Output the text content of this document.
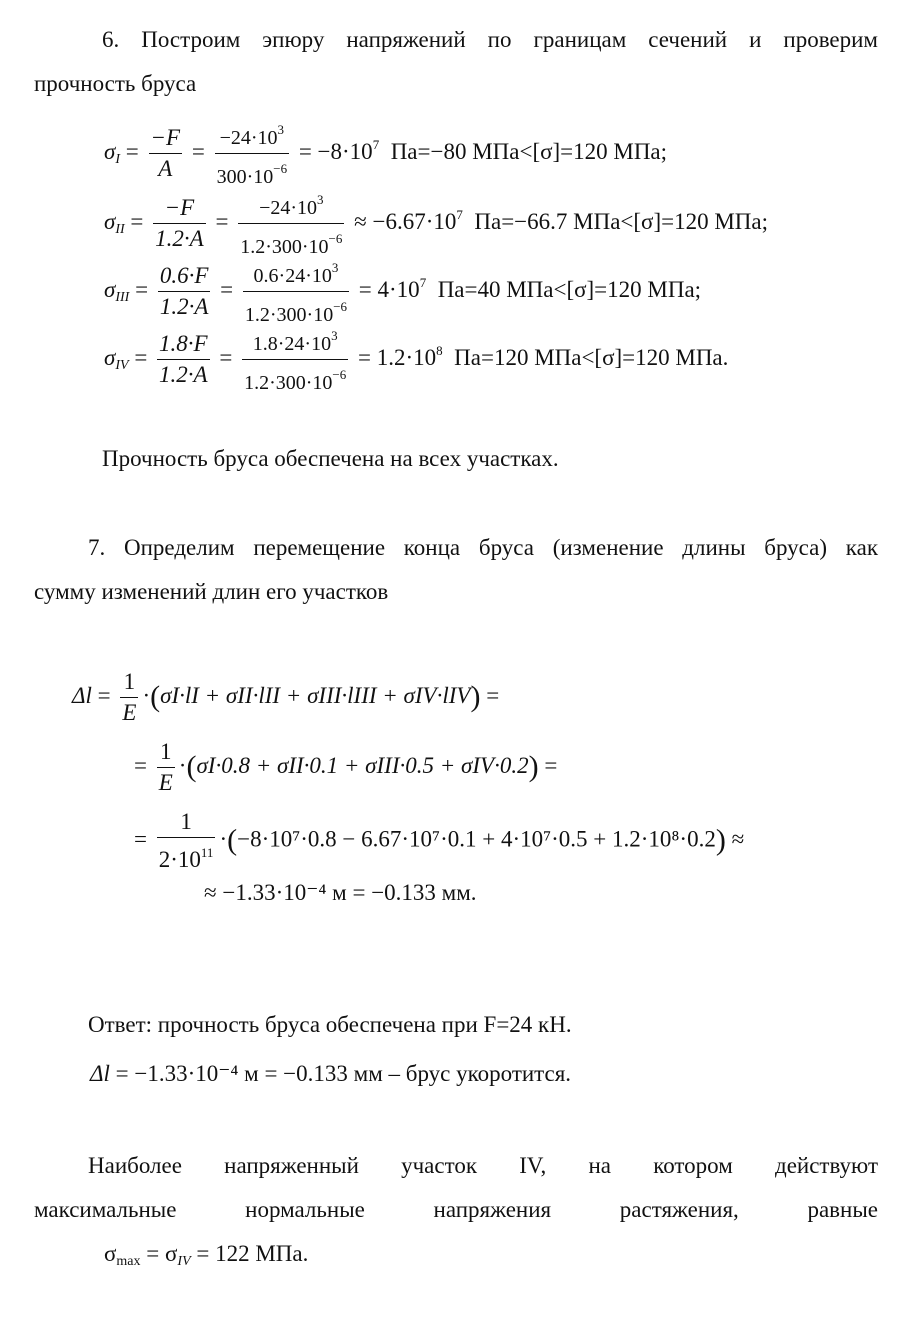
6. Построим эпюру напряжений по границам сечений и проверим
прочность бруса
$\sigma_I = \frac{-F}{A} = \frac{-24\cdot 10^3}{300\cdot 10^{-6}} = -8\cdot 10^7$ Па=−80 МПа<[σ]=120 МПа;
$\sigma_{II} = \frac{-F}{1.2\cdot A} = \frac{-24\cdot 10^3}{1.2\cdot 300\cdot 10^{-6}} \approx -6.67\cdot 10^7$ Па=−66.7 МПа<[σ]=120 МПа;
$\sigma_{III} = \frac{0.6\cdot F}{1.2\cdot A} = \frac{0.6\cdot 24\cdot 10^3}{1.2\cdot 300\cdot 10^{-6}} = 4\cdot 10^7$ Па=40 МПа<[σ]=120 МПа;
$\sigma_{IV} = \frac{1.8\cdot F}{1.2\cdot A} = \frac{1.8\cdot 24\cdot 10^3}{1.2\cdot 300\cdot 10^{-6}} = 1.2\cdot 10^8$ Па=120 МПа<[σ]=120 МПа.
Прочность бруса обеспечена на всех участках.
7. Определим перемещение конца бруса (изменение длины бруса) как
сумму изменений длин его участков
$\Delta l = \frac{1}{E} \cdot(\sigma I\cdot lI + \sigma II\cdot lII$ + σIII·lIII + σIV·lIV) =
= $\frac{1}{E} \cdot(\sigma I\cdot 0.8 + \sigma II\cdot 0.1 + \sigma III\cdot 0.5 + \sigma IV\cdot 0.2)$ =
= $\frac{1}{2\cdot 10^{11}} \cdot(-8\cdot 10^7\cdot 0.8 - 6.67\cdot 10^7\cdot 0.1 + 4\cdot 10^7\cdot 0.5 + 1.2\cdot 10^8\cdot 0.2)$ ≈
≈ −1.33·10⁻⁴ м = −0.133 мм.
Ответ: прочность бруса обеспечена при F=24 кН.
Δl = −1.33·10⁻⁴ м = −0.133 мм – брус укоротится.
Наиболее напряженный участок IV, на котором действуют
максимальные нормальные напряжения растяжения, равные
$\sigma_{max} = \sigma_{IV} = 122$ МПа.
